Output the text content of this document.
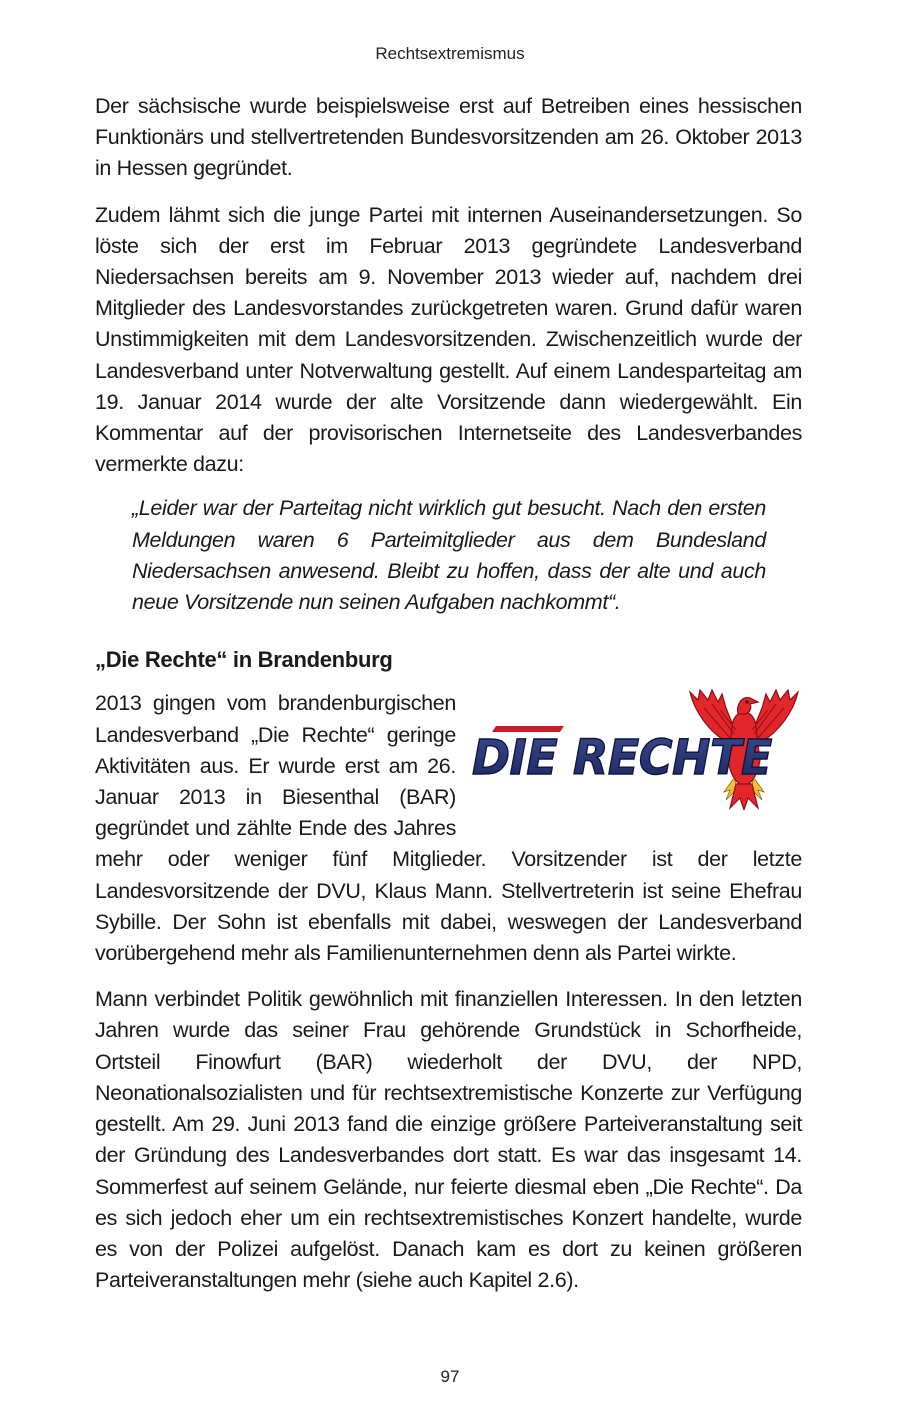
Rechtsextremismus

Der sächsische wurde beispielsweise erst auf Betreiben eines hessischen Funktionärs und stellvertretenden Bundesvorsitzenden am 26. Oktober 2013 in Hessen gegründet.

Zudem lähmt sich die junge Partei mit internen Auseinandersetzungen. So löste sich der erst im Februar 2013 gegründete Landesverband Niedersachsen bereits am 9. November 2013 wieder auf, nachdem drei Mitglieder des Landesvorstandes zurückgetreten waren. Grund dafür waren Unstimmigkeiten mit dem Landesvorsitzenden. Zwischenzeitlich wurde der Landesverband unter Notverwaltung gestellt. Auf einem Landesparteitag am 19. Januar 2014 wurde der alte Vorsitzende dann wiedergewählt. Ein Kommentar auf der provisorischen Internetseite des Landesverbandes vermerkte dazu:

„Leider war der Parteitag nicht wirklich gut besucht. Nach den ersten Meldungen waren 6 Parteimitglieder aus dem Bundesland Niedersachsen anwesend. Bleibt zu hoffen, dass der alte und auch neue Vorsitzende nun seinen Aufgaben nachkommt“.
„Die Rechte“ in Brandenburg
DIE RECHTE

2013 gingen vom brandenburgischen Landesverband „Die Rechte“ geringe Aktivitäten aus. Er wurde erst am 26. Januar 2013 in Biesenthal (BAR) gegründet und zählte Ende des Jahres mehr oder weniger fünf Mitglieder. Vorsitzender ist der letzte Landesvorsitzende der DVU, Klaus Mann. Stellvertreterin ist seine Ehefrau Sybille. Der Sohn ist ebenfalls mit dabei, weswegen der Landesverband vorübergehend mehr als Familienunternehmen denn als Partei wirkte.

Mann verbindet Politik gewöhnlich mit finanziellen Interessen. In den letzten Jahren wurde das seiner Frau gehörende Grundstück in Schorfheide, Ortsteil Finowfurt (BAR) wiederholt der DVU, der NPD, Neonationalsozialisten und für rechtsextremistische Konzerte zur Verfügung gestellt. Am 29. Juni 2013 fand die einzige größere Parteiveranstaltung seit der Gründung des Landesverbandes dort statt. Es war das insgesamt 14. Sommerfest auf seinem Gelände, nur feierte diesmal eben „Die Rechte“. Da es sich jedoch eher um ein rechtsextremistisches Konzert handelte, wurde es von der Polizei aufgelöst. Danach kam es dort zu keinen größeren Parteiveranstaltungen mehr (siehe auch Kapitel 2.6).

97
